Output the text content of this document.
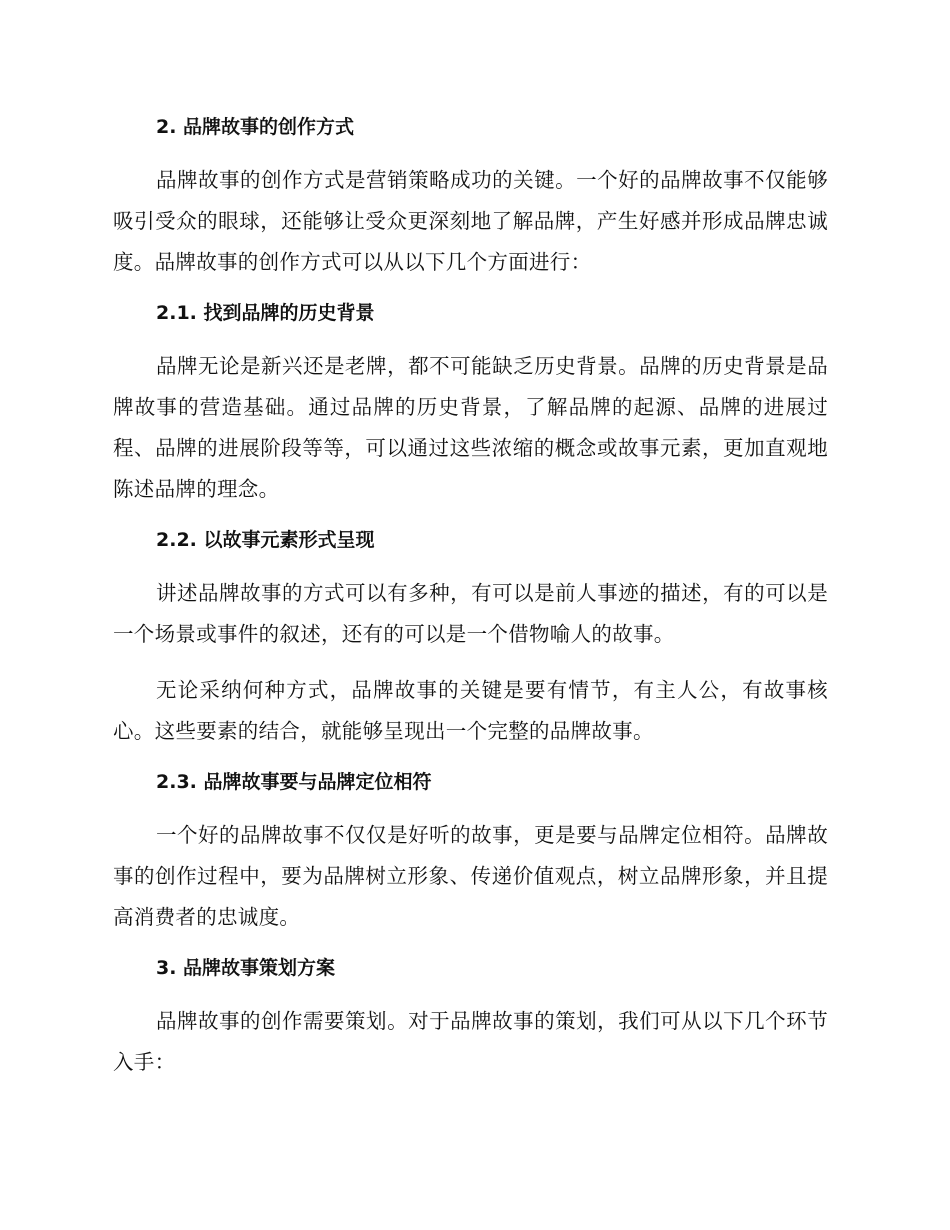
2. 品牌故事的创作方式

品牌故事的创作方式是营销策略成功的关键。一个好的品牌故事不仅能够吸引受众的眼球，还能够让受众更深刻地了解品牌，产生好感并形成品牌忠诚度。品牌故事的创作方式可以从以下几个方面进行：

2.1. 找到品牌的历史背景

品牌无论是新兴还是老牌，都不可能缺乏历史背景。品牌的历史背景是品牌故事的营造基础。通过品牌的历史背景，了解品牌的起源、品牌的进展过程、品牌的进展阶段等等，可以通过这些浓缩的概念或故事元素，更加直观地陈述品牌的理念。

2.2. 以故事元素形式呈现

讲述品牌故事的方式可以有多种，有可以是前人事迹的描述，有的可以是一个场景或事件的叙述，还有的可以是一个借物喻人的故事。

无论采纳何种方式，品牌故事的关键是要有情节，有主人公，有故事核心。这些要素的结合，就能够呈现出一个完整的品牌故事。

2.3. 品牌故事要与品牌定位相符

一个好的品牌故事不仅仅是好听的故事，更是要与品牌定位相符。品牌故事的创作过程中，要为品牌树立形象、传递价值观点，树立品牌形象，并且提高消费者的忠诚度。

3. 品牌故事策划方案

品牌故事的创作需要策划。对于品牌故事的策划，我们可从以下几个环节入手：
